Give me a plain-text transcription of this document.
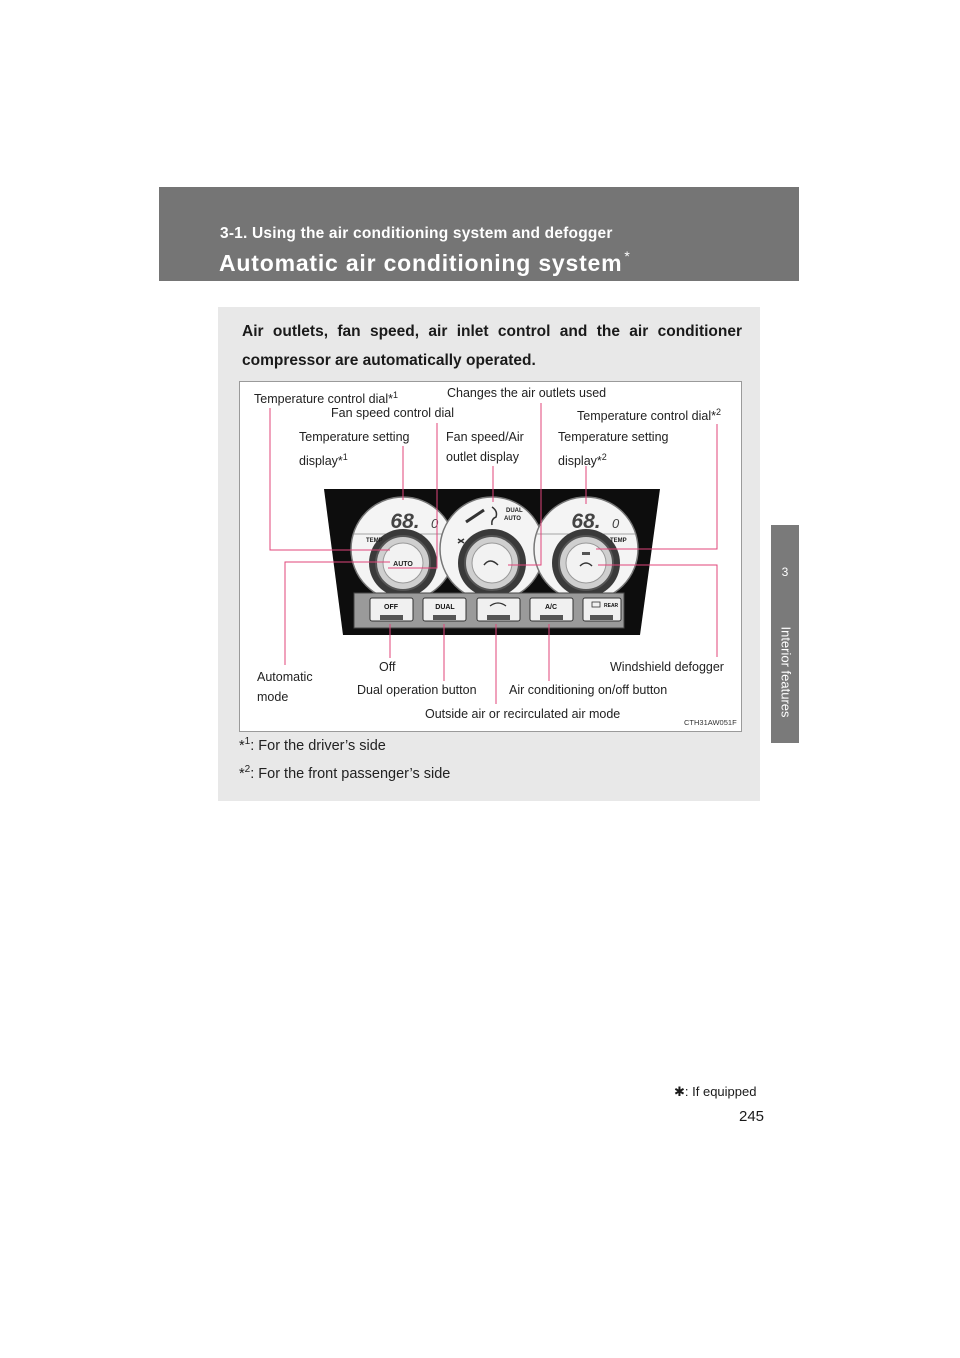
3-1. Using the air conditioning system and defogger
Automatic air conditioning system *
3
Interior features
Air outlets, fan speed, air inlet control and the air conditioner compressor are automatically operated.
Temperature control dial*$^1$	Changes the air outlets used
Fan speed control dial	Temperature control dial*$^2$
Temperature setting
display*$^1$
Fan speed/Air
outlet display
Temperature setting
display*$^2$
Automatic
mode
Off	Windshield defogger
Dual operation button	Air conditioning on/off button
Outside air or recirculated air mode
CTH31AW051F
68. 0
TEMP
AUTO
DUAL
AUTO 68. 0
TEMP
OFF	DUAL	A/C	REAR
*$^1$: For the driver’s side
*$^2$: For the front passenger’s side
✱: If equipped
245
